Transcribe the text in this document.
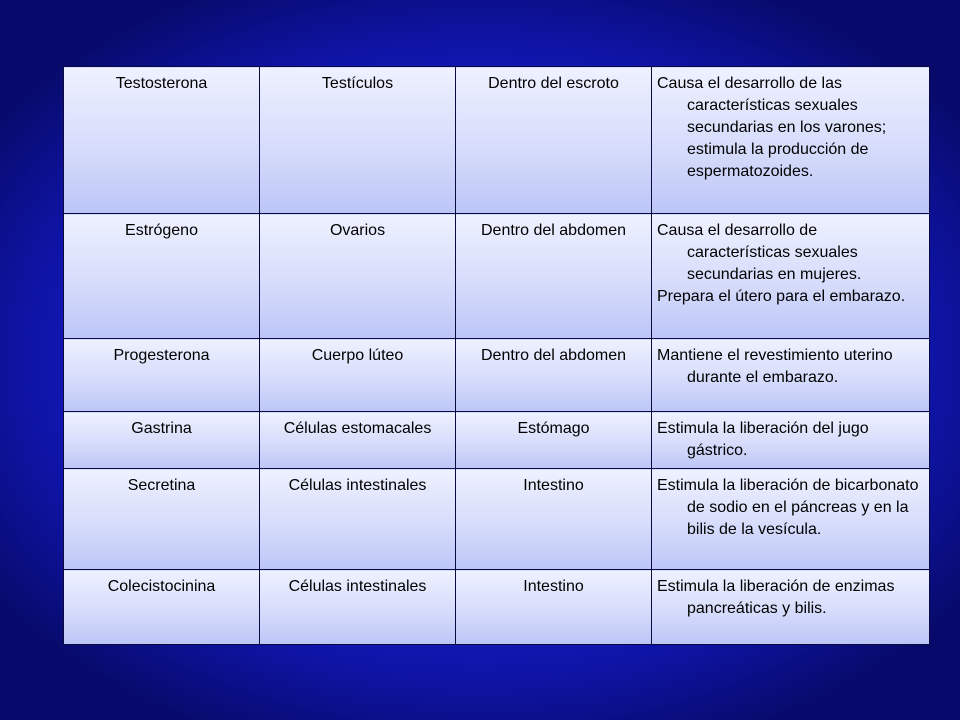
Testosterona	Testículos	Dentro del escroto	Causa el desarrollo de las características sexuales secundarias en los varones; estimula la producción de espermatozoides.

Estrógeno	Ovarios	Dentro del abdomen	Causa el desarrollo de características sexuales secundarias en mujeres.
Prepara el útero para el embarazo.

Progesterona	Cuerpo lúteo	Dentro del abdomen	Mantiene el revestimiento uterino durante el embarazo.

Gastrina	Células estomacales	Estómago	Estimula la liberación del jugo gástrico.

Secretina	Células intestinales	Intestino	Estimula la liberación de bicarbonato de sodio en el páncreas y en la bilis de la vesícula.

Colecistocinina	Células intestinales	Intestino	Estimula la liberación de enzimas pancreáticas y bilis.
